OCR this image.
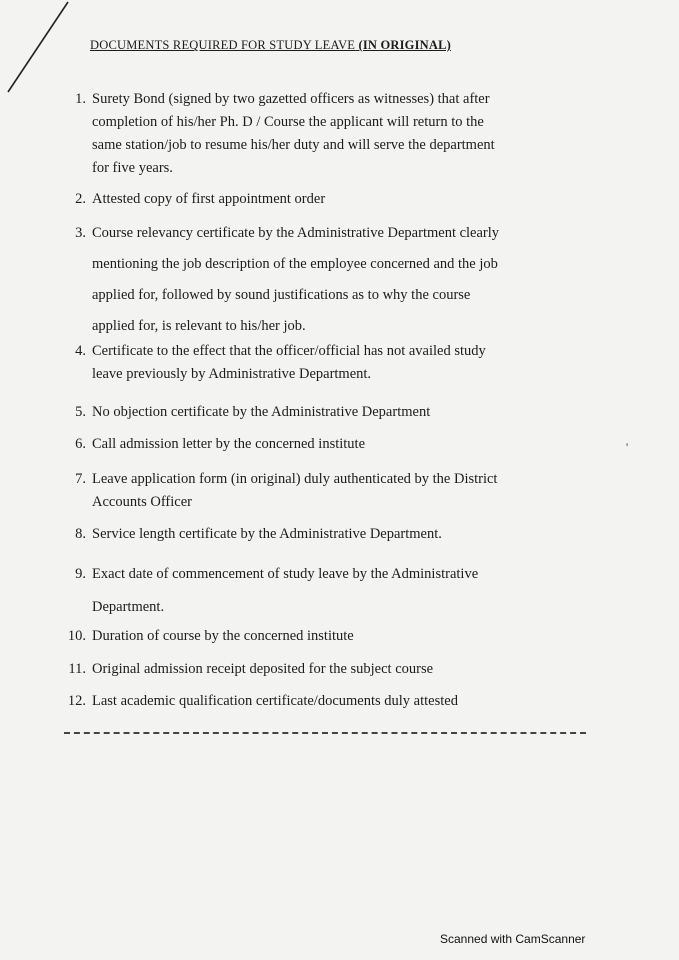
DOCUMENTS REQUIRED FOR STUDY LEAVE (IN ORIGINAL)
1. Surety Bond (signed by two gazetted officers as witnesses) that after
completion of his/her Ph. D / Course the applicant will return to the
same station/job to resume his/her duty and will serve the department
for five years.
2. Attested copy of first appointment order
3. Course relevancy certificate by the Administrative Department clearly
mentioning the job description of the employee concerned and the job
applied for, followed by sound justifications as to why the course
applied for, is relevant to his/her job.
4. Certificate to the effect that the officer/official has not availed study
leave previously by Administrative Department.
5. No objection certificate by the Administrative Department
6. Call admission letter by the concerned institute
7. Leave application form (in original) duly authenticated by the District
Accounts Officer
8. Service length certificate by the Administrative Department.
9. Exact date of commencement of study leave by the Administrative
Department.
10. Duration of course by the concerned institute
11. Original admission receipt deposited for the subject course
12. Last academic qualification certificate/documents duly attested
'
Scanned with CamScanner
